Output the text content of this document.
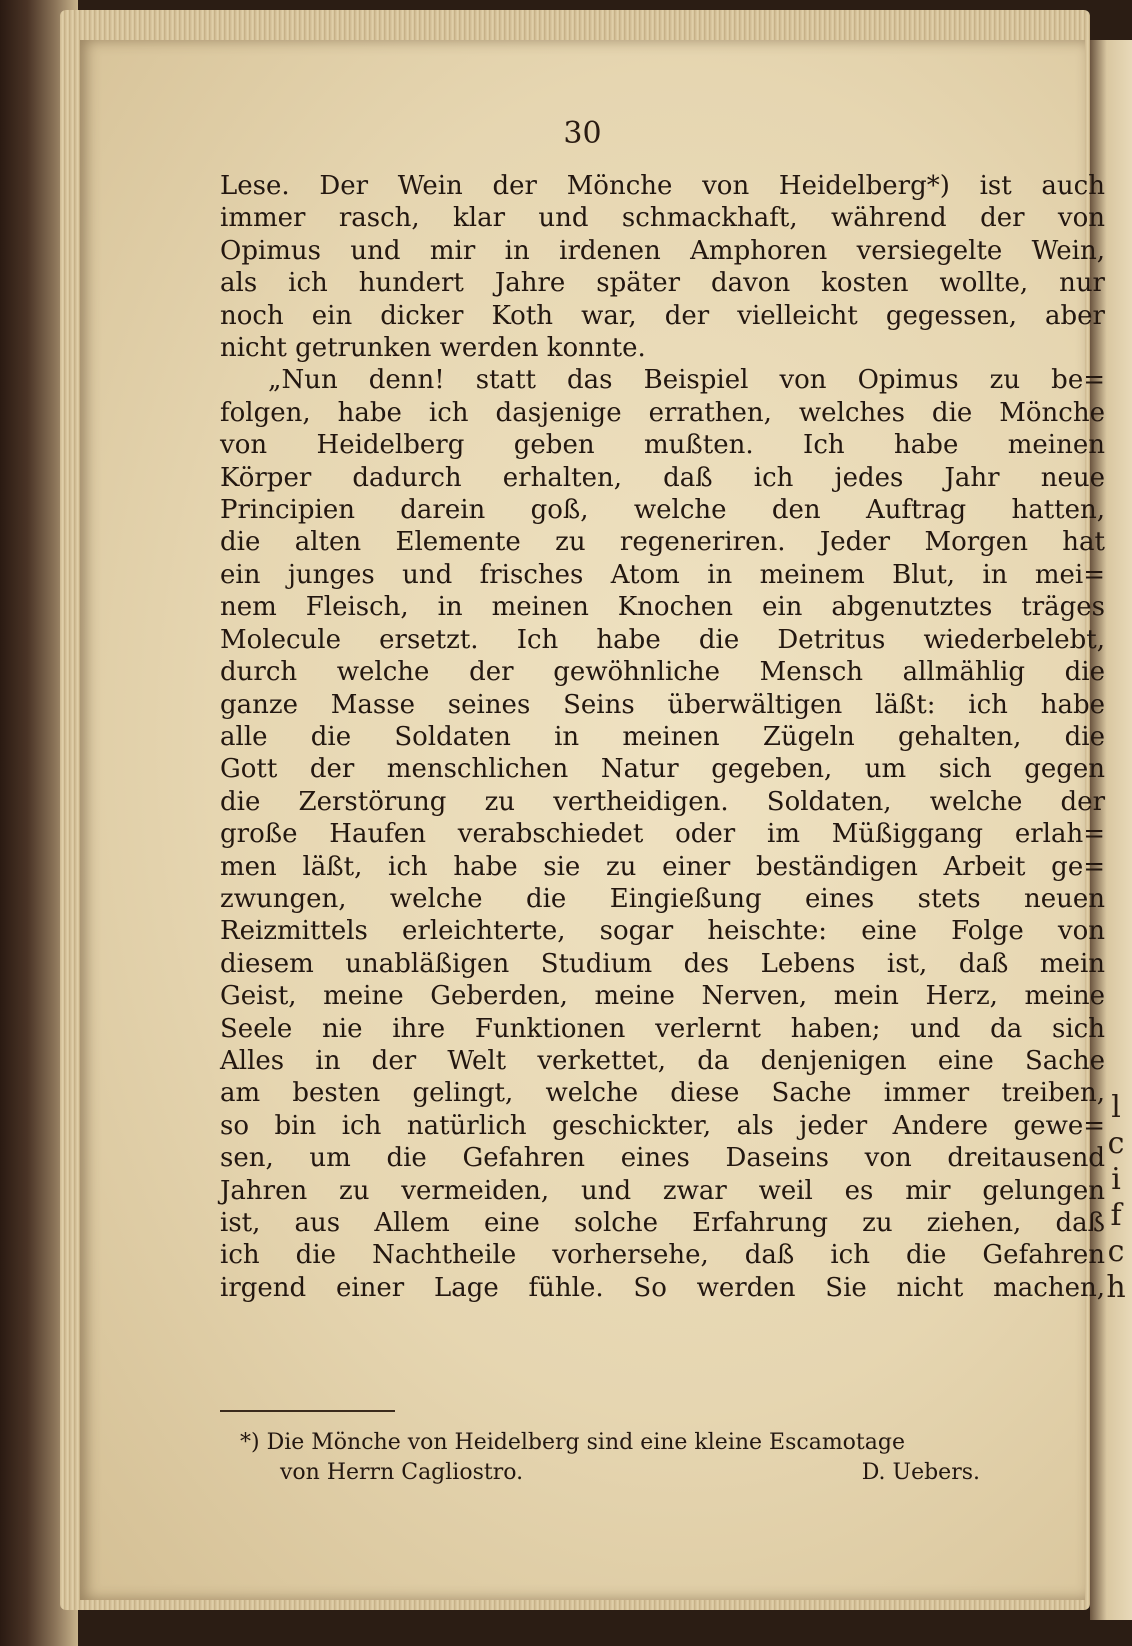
l
c
i
f
c
h
30
Lese. Der Wein der Mönche von Heidelberg*) ist auch
immer rasch, klar und schmackhaft, während der von
Opimus und mir in irdenen Amphoren versiegelte Wein,
als ich hundert Jahre später davon kosten wollte, nur
noch ein dicker Koth war, der vielleicht gegessen, aber
nicht getrunken werden konnte.
„Nun denn! statt das Beispiel von Opimus zu be=
folgen, habe ich dasjenige errathen, welches die Mönche
von Heidelberg geben mußten. Ich habe meinen
Körper dadurch erhalten, daß ich jedes Jahr neue
Principien darein goß, welche den Auftrag hatten,
die alten Elemente zu regeneriren. Jeder Morgen hat
ein junges und frisches Atom in meinem Blut, in mei=
nem Fleisch, in meinen Knochen ein abgenutztes träges
Molecule ersetzt. Ich habe die Detritus wiederbelebt,
durch welche der gewöhnliche Mensch allmählig die
ganze Masse seines Seins überwältigen läßt: ich habe
alle die Soldaten in meinen Zügeln gehalten, die
Gott der menschlichen Natur gegeben, um sich gegen
die Zerstörung zu vertheidigen. Soldaten, welche der
große Haufen verabschiedet oder im Müßiggang erlah=
men läßt, ich habe sie zu einer beständigen Arbeit ge=
zwungen, welche die Eingießung eines stets neuen
Reizmittels erleichterte, sogar heischte: eine Folge von
diesem unabläßigen Studium des Lebens ist, daß mein
Geist, meine Geberden, meine Nerven, mein Herz, meine
Seele nie ihre Funktionen verlernt haben; und da sich
Alles in der Welt verkettet, da denjenigen eine Sache
am besten gelingt, welche diese Sache immer treiben,
so bin ich natürlich geschickter, als jeder Andere gewe=
sen, um die Gefahren eines Daseins von dreitausend
Jahren zu vermeiden, und zwar weil es mir gelungen
ist, aus Allem eine solche Erfahrung zu ziehen, daß
ich die Nachtheile vorhersehe, daß ich die Gefahren
irgend einer Lage fühle. So werden Sie nicht machen,
*) Die Mönche von Heidelberg sind eine kleine Escamotage
von Herrn Cagliostro.	D. Uebers.
